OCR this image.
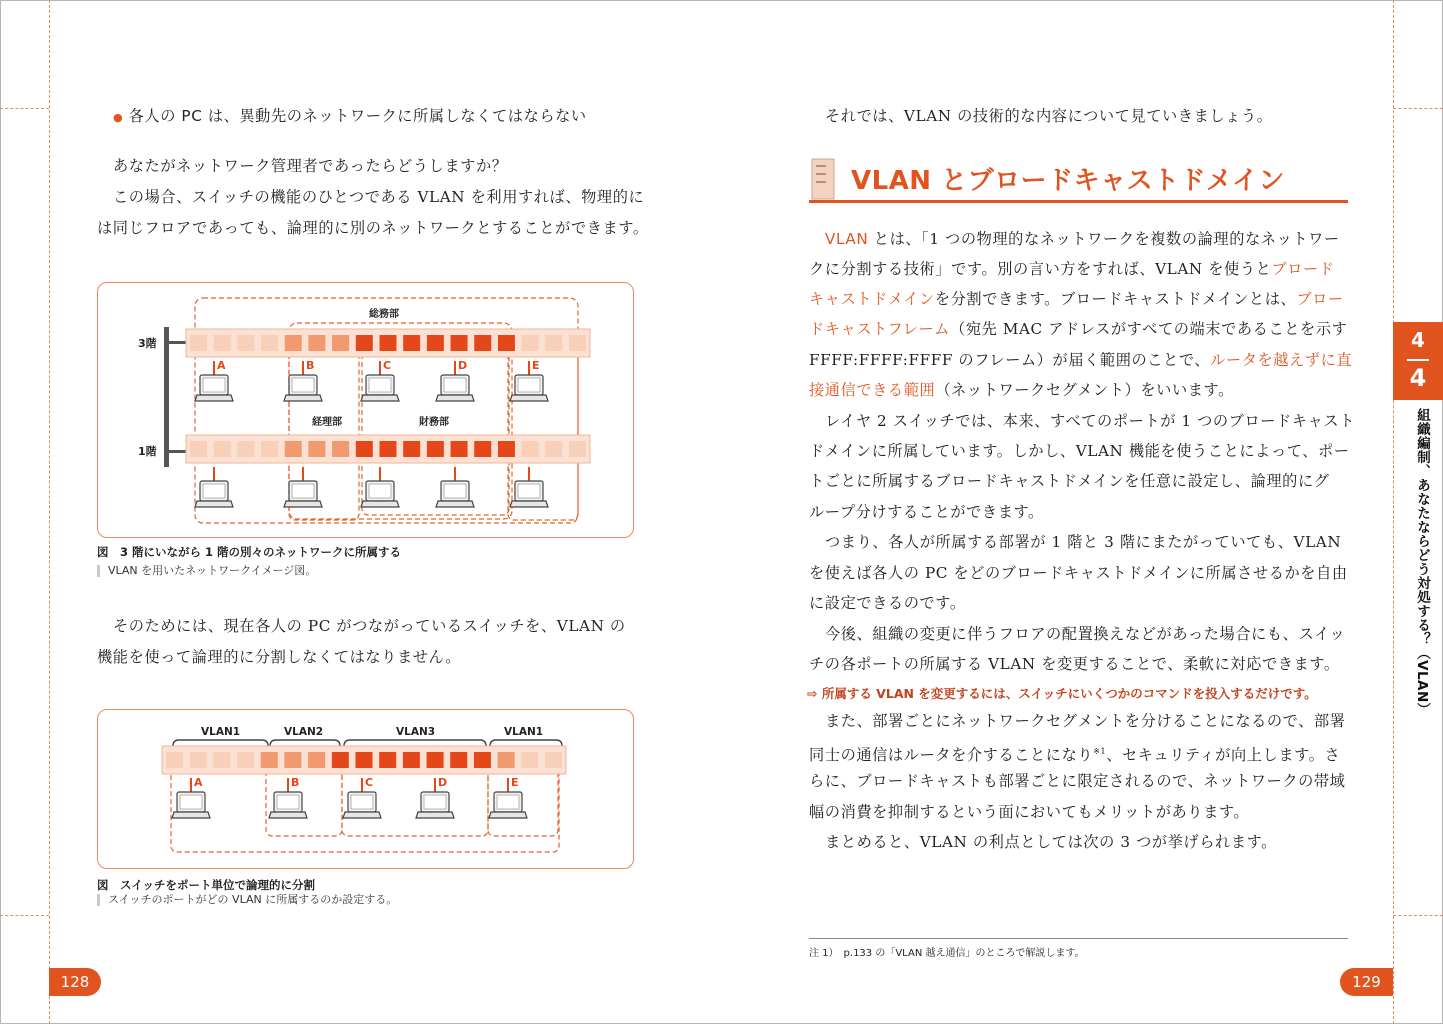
● 各人の PC は、異動先のネットワークに所属しなくてはならない
あなたがネットワーク管理者であったらどうしますか？
この場合、スイッチの機能のひとつである VLAN を利用すれば、物理的に
は同じフロアであっても、論理的に別のネットワークとすることができます。
3階
1階
総務部
経理部	財務部
A	B	C	D	E
図　3 階にいながら 1 階の別々のネットワークに所属する
VLAN を用いたネットワークイメージ図。
そのためには、現在各人の PC がつながっているスイッチを、VLAN の
機能を使って論理的に分割しなくてはなりません。
VLAN1	VLAN2	VLAN3	VLAN1
A	B	C	D	E
図　スイッチをポート単位で論理的に分割
スイッチのポートがどの VLAN に所属するのか設定する。
128
それでは、VLAN の技術的な内容について見ていきましょう。
VLAN とブロードキャストドメイン
VLAN とは、「1 つの物理的なネットワークを複数の論理的なネットワー
クに分割する技術」です。別の言い方をすれば、VLAN を使うとブロード
キャストドメインを分割できます。ブロードキャストドメインとは、ブロー
ドキャストフレーム（宛先 MAC アドレスがすべての端末であることを示す
FFFF:FFFF:FFFF のフレーム）が届く範囲のことで、ルータを越えずに直
接通信できる範囲（ネットワークセグメント）をいいます。
レイヤ 2 スイッチでは、本来、すべてのポートが 1 つのブロードキャスト
ドメインに所属しています。しかし、VLAN 機能を使うことによって、ポー
トごとに所属するブロードキャストドメインを任意に設定し、論理的にグ
ループ分けすることができます。
つまり、各人が所属する部署が 1 階と 3 階にまたがっていても、VLAN
を使えば各人の PC をどのブロードキャストドメインに所属させるかを自由
に設定できるのです。
今後、組織の変更に伴うフロアの配置換えなどがあった場合にも、スイッ
チの各ポートの所属する VLAN を変更することで、柔軟に対応できます。
⇨ 所属する VLAN を変更するには、スイッチにいくつかのコマンドを投入するだけです。
また、部署ごとにネットワークセグメントを分けることになるので、部署
同士の通信はルータを介することになり$^{※1}$、セキュリティが向上します。さ
らに、ブロードキャストも部署ごとに限定されるので、ネットワークの帯域
幅の消費を抑制するという面においてもメリットがあります。
まとめると、VLAN の利点としては次の 3 つが挙げられます。
注 1）　p.133 の「VLAN 越え通信」のところで解説します。
4
4
組織編制、あなたならどう対処する？（VLAN）
129
